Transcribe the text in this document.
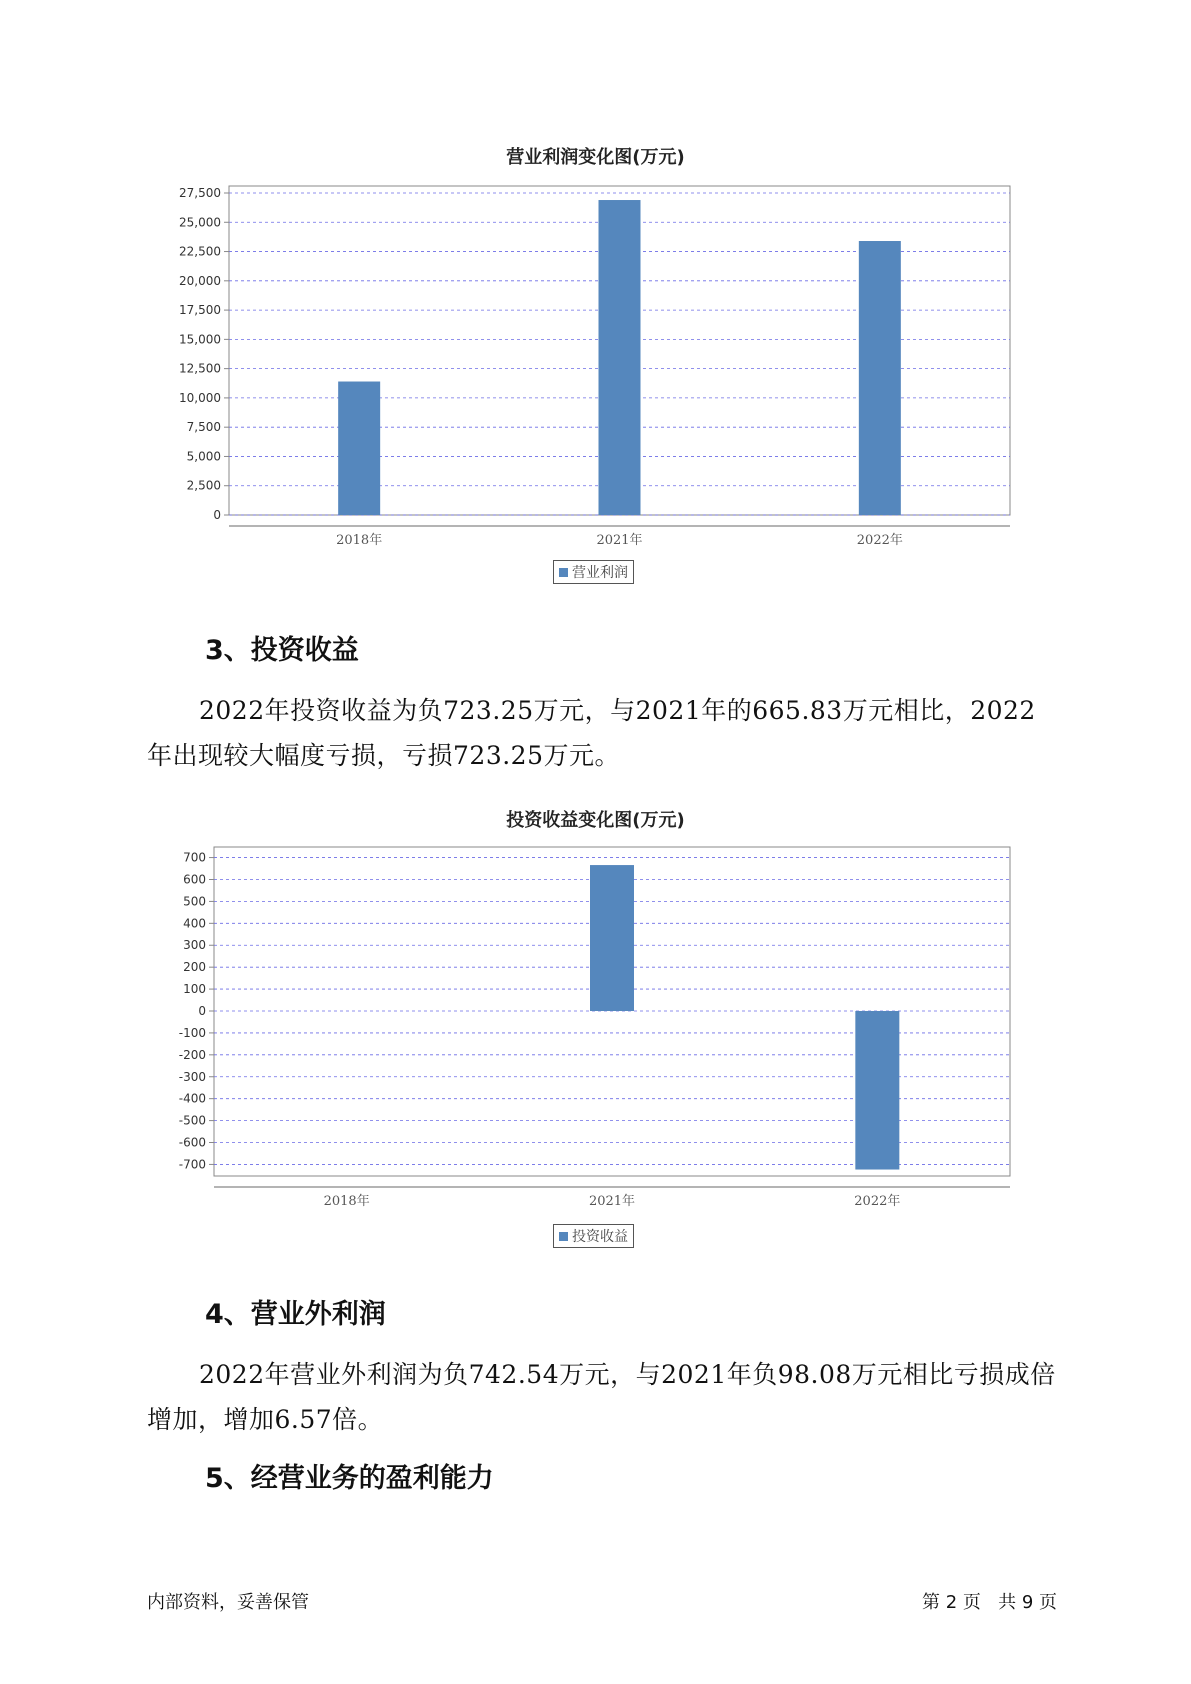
营业利润变化图(万元)
0
2,500
5,000
7,500
10,000
12,500
15,000
17,500
20,000
22,500
25,000
27,500
2018年	2021年	2022年
营业利润
3、投资收益

2022年投资收益为负723.25万元，与2021年的665.83万元相比，2022年出现较大幅度亏损，亏损723.25万元。

投资收益变化图(万元)
700
600
500
400
300
200
100
0
-100
-200
-300
-400
-500
-600
-700
2018年	2021年	2022年
投资收益
4、营业外利润

2022年营业外利润为负742.54万元，与2021年负98.08万元相比亏损成倍增加，增加6.57倍。

5、经营业务的盈利能力
内部资料，妥善保管	第 2 页   共 9 页
